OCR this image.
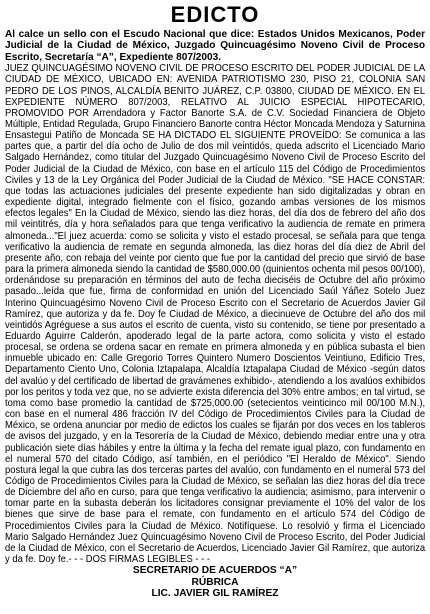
EDICTO

Al calce un sello con el Escudo Nacional que dice: Estados Unidos Mexicanos, Poder Judicial de la Ciudad de México, Juzgado Quincuagésimo Noveno Civil de Proceso Escrito, Secretaría “A”, Expediente 807/2003.

JUEZ QUINCUAGÉSIMO NOVENO CIVIL DE PROCESO ESCRITO DEL PODER JUDICIAL DE LA CIUDAD DE MÉXICO, UBICADO EN: AVENIDA PATRIOTISMO 230, PISO 21, COLONIA SAN PEDRO DE LOS PINOS, ALCALDÍA BENITO JUÁREZ, C.P. 03800, CIUDAD DE MÉXICO. EN EL EXPEDIENTE NÚMERO 807/2003, RELATIVO AL JUICIO ESPECIAL HIPOTECARIO, PROMOVIDO POR Arrendadora y Factor Banorte S.A. de C.V. Sociedad Financiera de Objeto Múltiple, Entidad Regulada, Grupo Financiero Banorte contra Héctor Moncada Mendoza y Saturnina Ensastegui Patiño de Moncada SE HA DICTADO EL SIGUIENTE PROVEÍDO: Se comunica a las partes que, a partir del día ocho de Julio de dos mil veintidós, queda adscrito el Licenciado Mario Salgado Hernández, como titular del Juzgado Quincuagésimo Noveno Civil de Proceso Escrito del Poder Judicial de la Ciudad de México, con base en el artículo 115 del Código de Procedimientos Civiles y 13 de la Ley Orgánica del Poder Judicial de la Ciudad de México. "SE HACE CONSTAR: que todas las actuaciones judiciales del presente expediente han sido digitalizadas y obran en expediente digital, integrado fielmente con el físico, gozando ambas versiones de los mismos efectos legales" En la Ciudad de México, siendo las diez horas, del día dos de febrero del año dos mil veintitrés, día y hora señalados para que tenga verificativo la audiencia de remate en primera almoneda..."El juez acuerda: como se solicita y visto el estado procesal, se señala para que tenga verificativo la audiencia de remate en segunda almoneda, las diez horas del día diez de Abril del presente año, con rebaja del veinte por ciento que fue por la cantidad del precio que sirvió de base para la primera almoneda siendo la cantidad de $580,000.00 (quinientos ochenta mil pesos 00/100), ordenándose su preparación en términos del auto de fecha dieciséis de Octubre del año próximo pasado...leída que fue, firma de conformidad en unión del Licenciado Saúl Yáñez Sotelo Juez Interino Quincuagésimo Noveno Civil de Proceso Escrito con el Secretario de Acuerdos Javier Gil Ramírez, que autoriza y da fe. Doy fe Ciudad de México, a diecinueve de Octubre del año dos mil veintidós Agréguese a sus autos el escrito de cuenta, visto su contenido, se tiene por presentado a Eduardo Aguirre Calderón, apoderado legal de la parte actora, como solicita y visto el estado procesal, se ordena se ordena sacar en remate en primera almoneda y en pública subasta el bien inmueble ubicado en: Calle Gregorio Torres Quintero Numero Doscientos Veintiuno, Edificio Tres, Departamento Ciento Uno, Colonia Iztapalapa, Alcaldía Iztapalapa Ciudad de México -según datos del avalúo y del certificado de libertad de gravámenes exhibido-, atendiendo a los avalúos exhibidos por los peritos y toda vez que, no se advierte exista diferencia del 30% entre ambos; en tal virtud, se toma como base promedio la cantidad de $725,000.00 (setecientos veinticinco mil 00/100 M.N.), con base en el numeral 486 fracción IV del Código de Procedimientos Civiles para la Ciudad de México, se ordena anunciar por medio de edictos los cuales se fijarán por dos veces en los tableros de avisos del juzgado, y en la Tesorería de la Ciudad de México, debiendo mediar entre una y otra publicación siete días hábiles y entre la última y la fecha del remate igual plazo, con fundamento en el numeral 570 del citado Código, así también, en el periódico "El Heraldo de México". Siendo postura legal la que cubra las dos terceras partes del avalúo, con fundamento en el numeral 573 del Código de Procedimientos Civiles para la Ciudad de México, se señalan las diez horas del día trece de Diciembre del año en curso, para que tenga verificativo la audiencia; asimismo, para intervenir o tomar parte en la subasta deberán los licitadores consignar previamente el 10% del valor de los bienes que sirve de base para el remate, con fundamento en el artículo 574 del Código de Procedimientos Civiles para la Ciudad de México. Notifíquese. Lo resolvió y firma el Licenciado Mario Salgado Hernández Juez Quincuagésimo Noveno Civil de Proceso Escrito, del Poder Judicial de la Ciudad de México, con el Secretario de Acuerdos, Licenciado Javier Gil Ramírez, que autoriza y da fe. Doy fe.- - - DOS FIRMAS LEGIBLES - - -

SECRETARIO DE ACUERDOS “A”

RÚBRICA

LIC. JAVIER GIL RAMÍREZ
